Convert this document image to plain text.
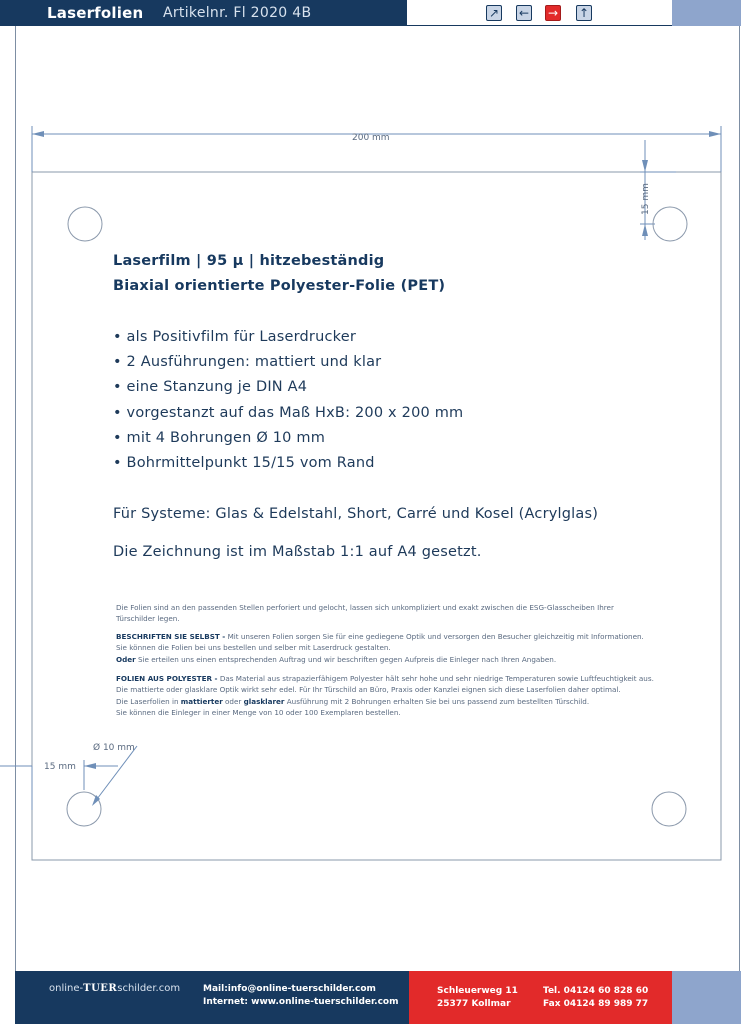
Laserfolien Artikelnr. Fl 2020 4B	↗ ← → ↑
200 mm
15 mm
15 mm
Ø 10 mm
Laserfilm | 95 µ | hitzebeständig
Biaxial orientierte Polyester-Folie (PET)
• als Positivfilm für Laserdrucker
• 2 Ausführungen: mattiert und klar
• eine Stanzung je DIN A4
• vorgestanzt auf das Maß HxB: 200 x 200 mm
• mit 4 Bohrungen Ø 10 mm
• Bohrmittelpunkt 15/15 vom Rand
Für Systeme: Glas & Edelstahl, Short, Carré und Kosel (Acrylglas)
Die Zeichnung ist im Maßstab 1:1 auf A4 gesetzt.
Die Folien sind an den passenden Stellen perforiert und gelocht, lassen sich unkompliziert und exakt zwischen die ESG-Glasscheiben Ihrer Türschilder legen.
BESCHRIFTEN SIE SELBST - Mit unseren Folien sorgen Sie für eine gediegene Optik und versorgen den Besucher gleichzeitig mit Informationen.
Sie können die Folien bei uns bestellen und selber mit Laserdruck gestalten.
Oder Sie erteilen uns einen entsprechenden Auftrag und wir beschriften gegen Aufpreis die Einleger nach Ihren Angaben.
FOLIEN AUS POLYESTER - Das Material aus strapazierfähigem Polyester hält sehr hohe und sehr niedrige Temperaturen sowie Luftfeuchtigkeit aus.
Die mattierte oder glasklare Optik wirkt sehr edel. Für Ihr Türschild an Büro, Praxis oder Kanzlei eignen sich diese Laserfolien daher optimal.
Die Laserfolien in mattierter oder glasklarer Ausführung mit 2 Bohrungen erhalten Sie bei uns passend zum bestellten Türschild.
Sie können die Einleger in einer Menge von 10 oder 100 Exemplaren bestellen.
online-TUERschilder.com	Mail:info@online-tuerschilder.com
Internet: www.online-tuerschilder.com
Schleuerweg 11
25377 Kollmar
Tel. 04124 60 828 60
Fax 04124 89 989 77
